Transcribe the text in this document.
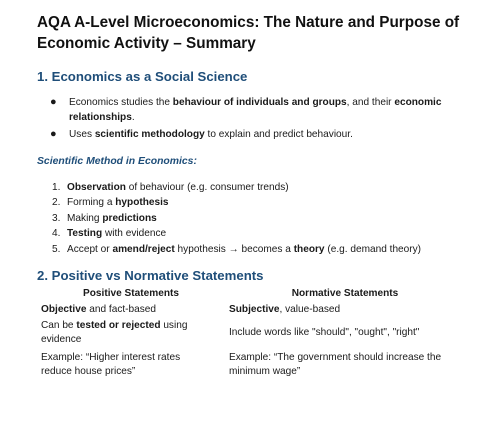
AQA A-Level Microeconomics: The Nature and Purpose of Economic Activity – Summary
1. Economics as a Social Science
● Economics studies the behaviour of individuals and groups, and their economic relationships.
● Uses scientific methodology to explain and predict behaviour.
Scientific Method in Economics:
1. Observation of behaviour (e.g. consumer trends)
2. Forming a hypothesis
3. Making predictions
4. Testing with evidence
5. Accept or amend/reject hypothesis → becomes a theory (e.g. demand theory)
2. Positive vs Normative Statements
Positive Statements	Normative Statements
Objective and fact-based	Subjective, value-based
Can be tested or rejected using evidence
Include words like "should", "ought", "right"
Example: “Higher interest rates reduce house prices”
Example: “The government should increase the minimum wage”
